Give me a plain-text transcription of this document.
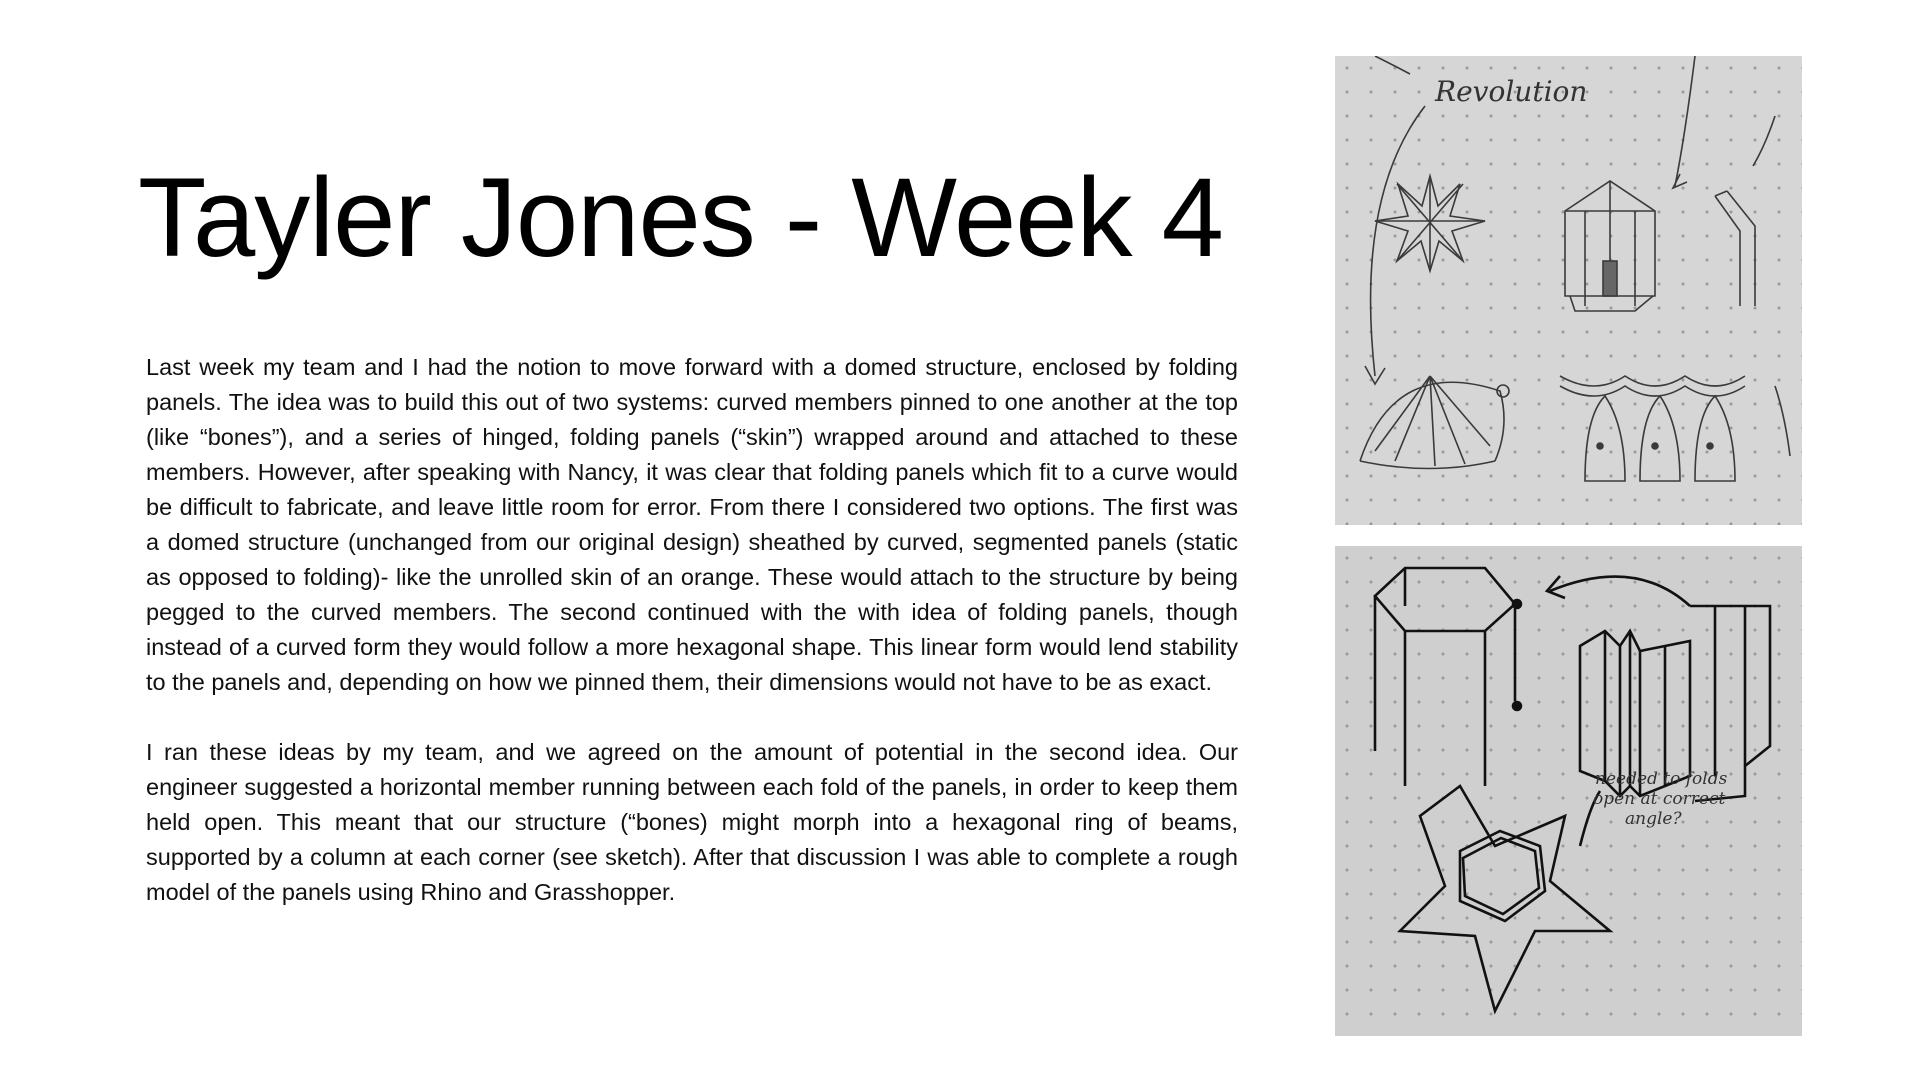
Tayler Jones - Week 4

Last week my team and I had the notion to move forward with a domed structure, enclosed by folding panels. The idea was to build this out of two systems: curved members pinned to one another at the top (like “bones”), and a series of hinged, folding panels (“skin”) wrapped around and attached to these members. However, after speaking with Nancy, it was clear that folding panels which fit to a curve would be difficult to fabricate, and leave little room for error. From there I considered two options. The first was a domed structure (unchanged from our original design) sheathed by curved, segmented panels (static as opposed to folding)- like the unrolled skin of an orange. These would attach to the structure by being pegged to the curved members. The second continued with the with idea of folding panels, though instead of a curved form they would follow a more hexagonal shape. This linear form would lend stability to the panels and, depending on how we pinned them, their dimensions would not have to be as exact.

I ran these ideas by my team, and we agreed on the amount of potential in the second idea. Our engineer suggested a horizontal member running between each fold of the panels, in order to keep them held open. This meant that our structure (“bones) might morph into a hexagonal ring of beams, supported by a column at each corner (see sketch). After that discussion I was able to complete a rough model of the panels using Rhino and Grasshopper.

Revolution
needed to folds
open at correct
angle?
